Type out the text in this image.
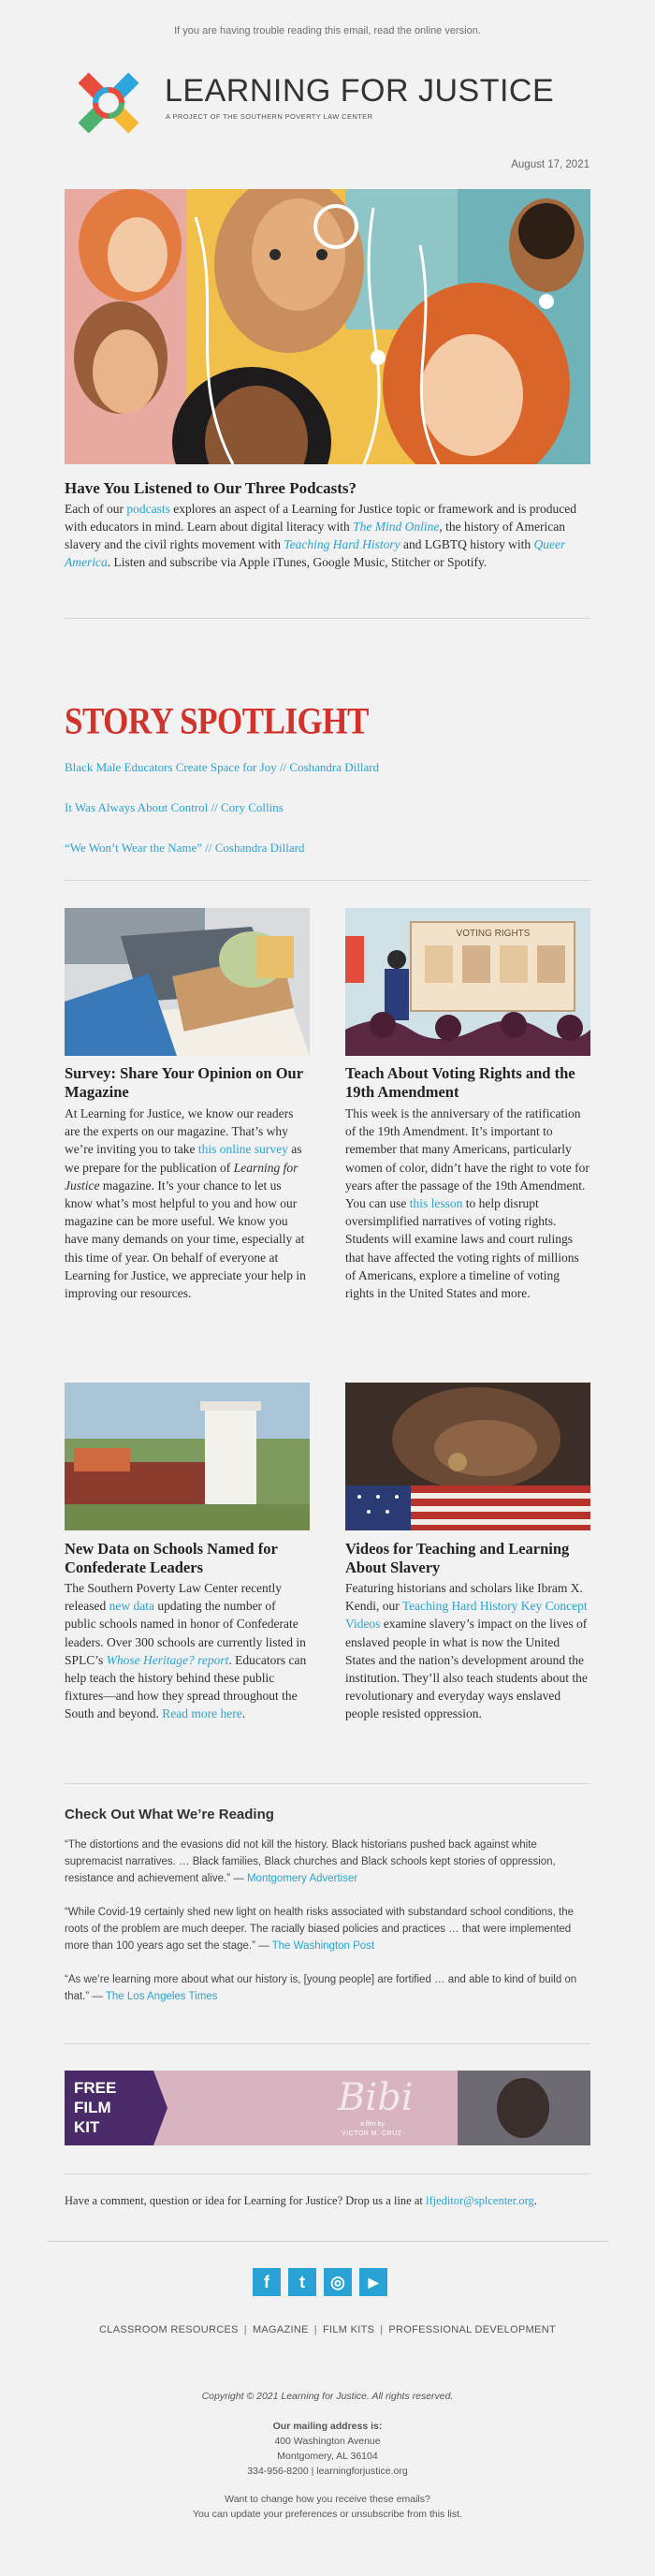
If you are having trouble reading this email, read the online version.
LEARNING FOR JUSTICE
A PROJECT OF THE SOUTHERN POVERTY LAW CENTER
August 17, 2021
Have You Listened to Our Three Podcasts?
Each of our podcasts explores an aspect of a Learning for Justice topic or framework and is produced with educators in mind. Learn about digital literacy with The Mind Online, the history of American slavery and the civil rights movement with Teaching Hard History and LGBTQ history with Queer America. Listen and subscribe via Apple iTunes, Google Music, Stitcher or Spotify.
STORY SPOTLIGHT
Black Male Educators Create Space for Joy // Coshandra Dillard
It Was Always About Control // Cory Collins
“We Won’t Wear the Name” // Coshandra Dillard
Survey: Share Your Opinion on Our Magazine
At Learning for Justice, we know our readers are the experts on our magazine. That’s why we’re inviting you to take this online survey as we prepare for the publication of Learning for Justice magazine. It’s your chance to let us know what’s most helpful to you and how our magazine can be more useful. We know you have many demands on your time, especially at this time of year. On behalf of everyone at Learning for Justice, we appreciate your help in improving our resources.
VOTING RIGHTS
Teach About Voting Rights and the 19th Amendment
This week is the anniversary of the ratification of the 19th Amendment. It’s important to remember that many Americans, particularly women of color, didn’t have the right to vote for years after the passage of the 19th Amendment. You can use this lesson to help disrupt oversimplified narratives of voting rights. Students will examine laws and court rulings that have affected the voting rights of millions of Americans, explore a timeline of voting rights in the United States and more.
New Data on Schools Named for Confederate Leaders
The Southern Poverty Law Center recently released new data updating the number of public schools named in honor of Confederate leaders. Over 300 schools are currently listed in SPLC’s Whose Heritage? report. Educators can help teach the history behind these public fixtures—and how they spread throughout the South and beyond. Read more here.
Videos for Teaching and Learning About Slavery
Featuring historians and scholars like Ibram X. Kendi, our Teaching Hard History Key Concept Videos examine slavery’s impact on the lives of enslaved people in what is now the United States and the nation’s development around the institution. They’ll also teach students about the revolutionary and everyday ways enslaved people resisted oppression.
Check Out What We’re Reading
“The distortions and the evasions did not kill the history. Black historians pushed back against white supremacist narratives. … Black families, Black churches and Black schools kept stories of oppression, resistance and achievement alive.” — Montgomery Advertiser
“While Covid-19 certainly shed new light on health risks associated with substandard school conditions, the roots of the problem are much deeper. The racially biased policies and practices … that were implemented more than 100 years ago set the stage.” — The Washington Post
“As we’re learning more about what our history is, [young people] are fortified … and able to kind of build on that.” — The Los Angeles Times
FREE
FILM
KIT
Bibi
a film by
VICTOR M. CRUZ
Have a comment, question or idea for Learning for Justice? Drop us a line at lfjeditor@splcenter.org.
f	t	◎	▶
CLASSROOM RESOURCES | MAGAZINE | FILM KITS | PROFESSIONAL DEVELOPMENT
Copyright © 2021 Learning for Justice. All rights reserved.
Our mailing address is:
400 Washington Avenue
Montgomery, AL 36104
334-956-8200 | learningforjustice.org
Want to change how you receive these emails?
You can update your preferences or unsubscribe from this list.
